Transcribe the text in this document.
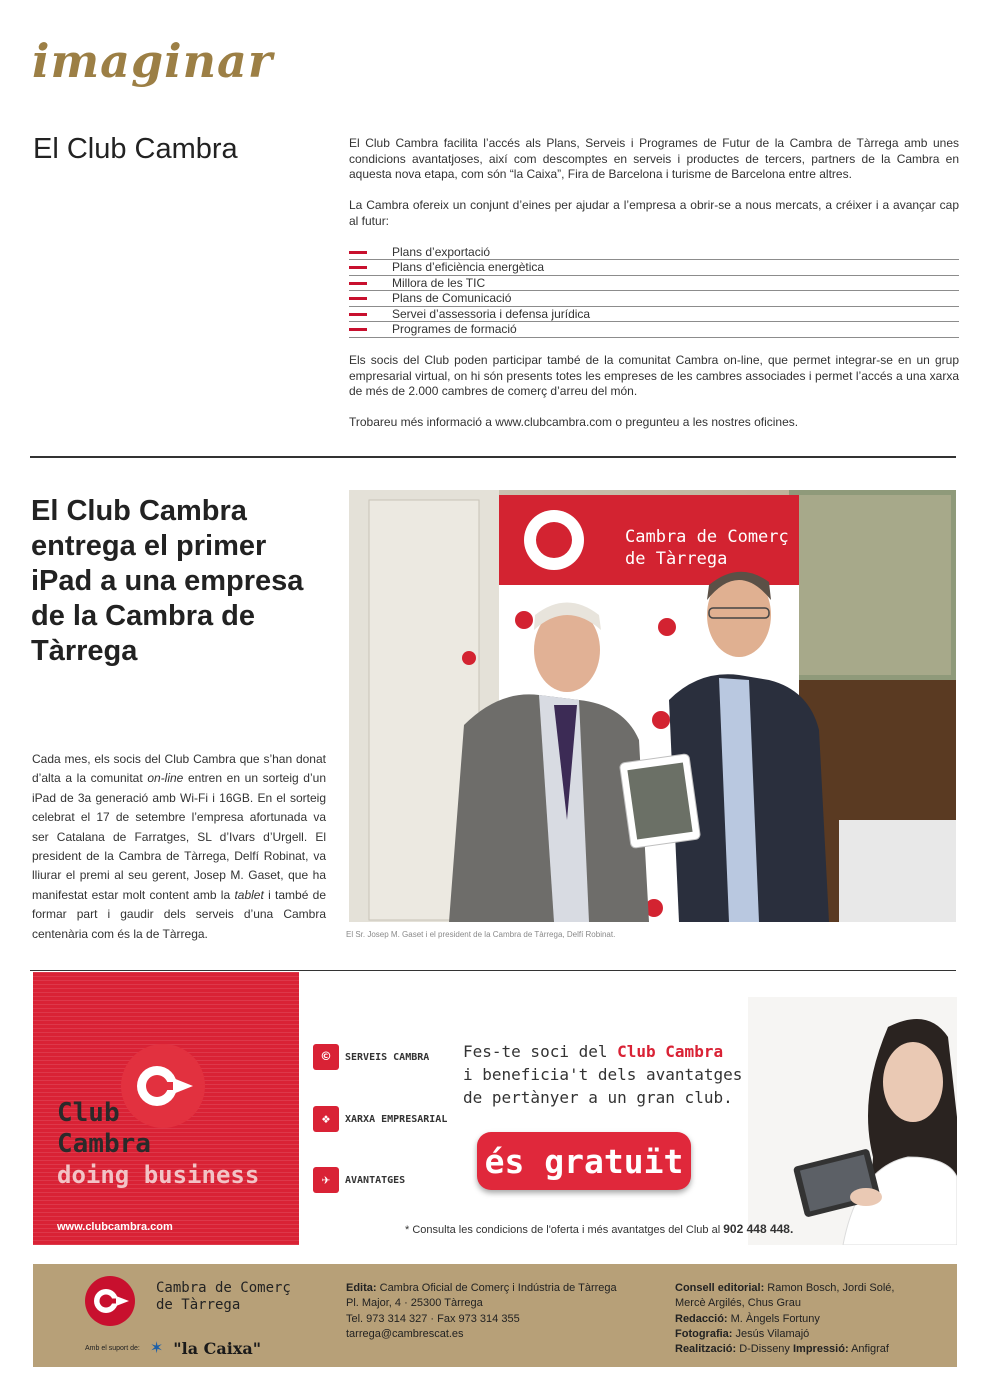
imaginar
El Club Cambra	El Club Cambra facilita l’accés als Plans, Serveis i Programes de Futur de la Cambra de Tàrrega amb unes condicions avantatjoses, així com descomptes en serveis i productes de tercers, partners de la Cambra en aquesta nova etapa, com són “la Caixa”, Fira de Barcelona i turisme de Barcelona entre altres.

La Cambra ofereix un conjunt d’eines per ajudar a l’empresa a obrir-se a nous mercats, a créixer i a avançar cap al futur:

Plans d’exportació
Plans d’eficiència energètica
Millora de les TIC
Plans de Comunicació
Servei d’assessoria i defensa jurídica
Programes de formació

Els socis del Club poden participar també de la comunitat Cambra on-line, que permet integrar-se en un grup empresarial virtual, on hi són presents totes les empreses de les cambres associades i permet l’accés a una xarxa de més de 2.000 cambres de comerç d’arreu del món.

Trobareu més informació a www.clubcambra.com o pregunteu a les nostres oficines.

El Club Cambra entrega el primer iPad a una empresa de la Cambra de Tàrrega
Cada mes, els socis del Club Cambra que s’han donat d’alta a la comunitat on-line entren en un sorteig d’un iPad de 3a generació amb Wi-Fi i 16GB. En el sorteig celebrat el 17 de setembre l’empresa afortunada va ser Catalana de Farratges, SL d’Ivars d’Urgell. El president de la Cambra de Tàrrega, Delfí Robinat, va lliurar el premi al seu gerent, Josep M. Gaset, que ha manifestat estar molt content amb la tablet i també de formar part i gaudir dels serveis d’una Cambra centenària com és la de Tàrrega.
Cambra de Comerç
de Tàrrega
El Sr. Josep M. Gaset i el president de la Cambra de Tàrrega, Delfí Robinat.
Club
Cambra
doing business
www.clubcambra.com
©	SERVEIS CAMBRA
❖	XARXA EMPRESARIAL
✈	AVANTATGES
Fes-te soci del Club Cambra
i beneficia't dels avantatges
de pertànyer a un gran club.
és gratuït
* Consulta les condicions de l'oferta i més avantatges del Club al 902 448 448.
Cambra de Comerç
de Tàrrega
Amb el suport de: ✶ "la Caixa"
Edita: Cambra Oficial de Comerç i Indústria de Tàrrega
Pl. Major, 4 · 25300 Tàrrega
Tel. 973 314 327 · Fax 973 314 355
tarrega@cambrescat.es
Consell editorial: Ramon Bosch, Jordi Solé,
Mercè Argilés, Chus Grau
Redacció: M. Àngels Fortuny
Fotografia: Jesús Vilamajó
Realització: D-Disseny Impressió: Anfigraf
